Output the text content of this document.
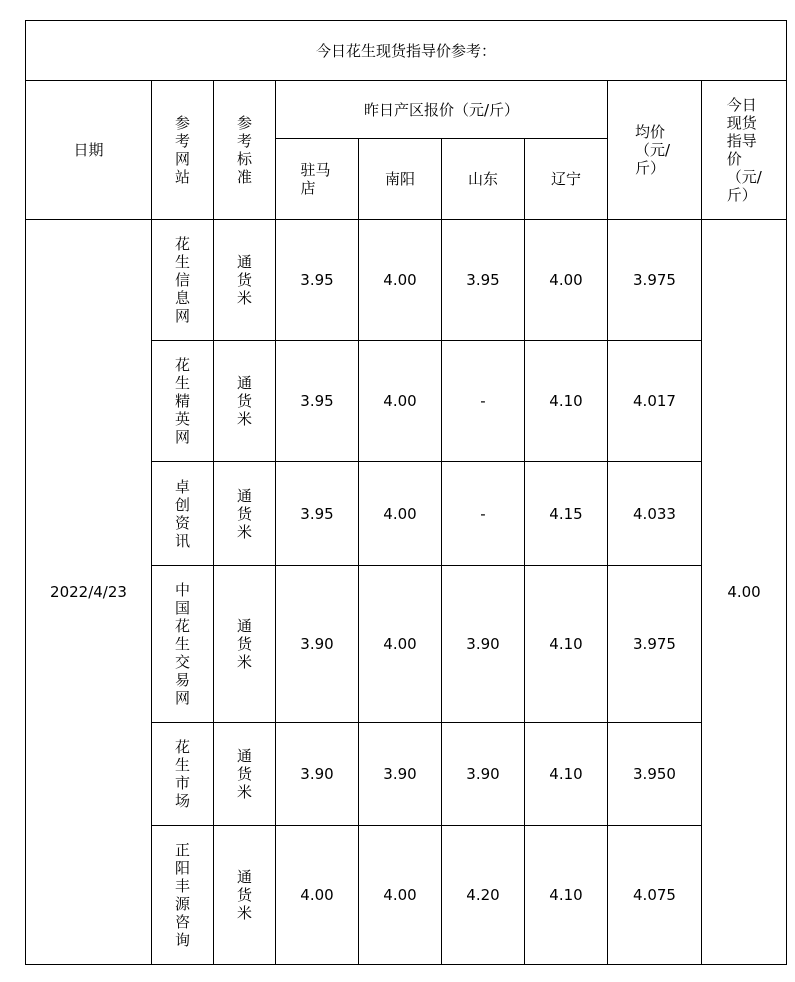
今日花生现货指导价参考：								
日期	参考网站	参考标准	昨日产区报价（元/斤）				均价（元/斤）	今日现货指导价（元/斤）
			驻马店	南阳	山东	辽宁		
2022/4/23	花生信息网	通货米	3.95	4.00	3.95	4.00	3.975	4.00
	花生精英网	通货米	3.95	4.00	-	4.10	4.017	
	卓创资讯	通货米	3.95	4.00	-	4.15	4.033	
	中国花生交易网	通货米	3.90	4.00	3.90	4.10	3.975	
	花生市场	通货米	3.90	3.90	3.90	4.10	3.950	
	正阳丰源咨询	通货米	4.00	4.00	4.20	4.10	4.075	
